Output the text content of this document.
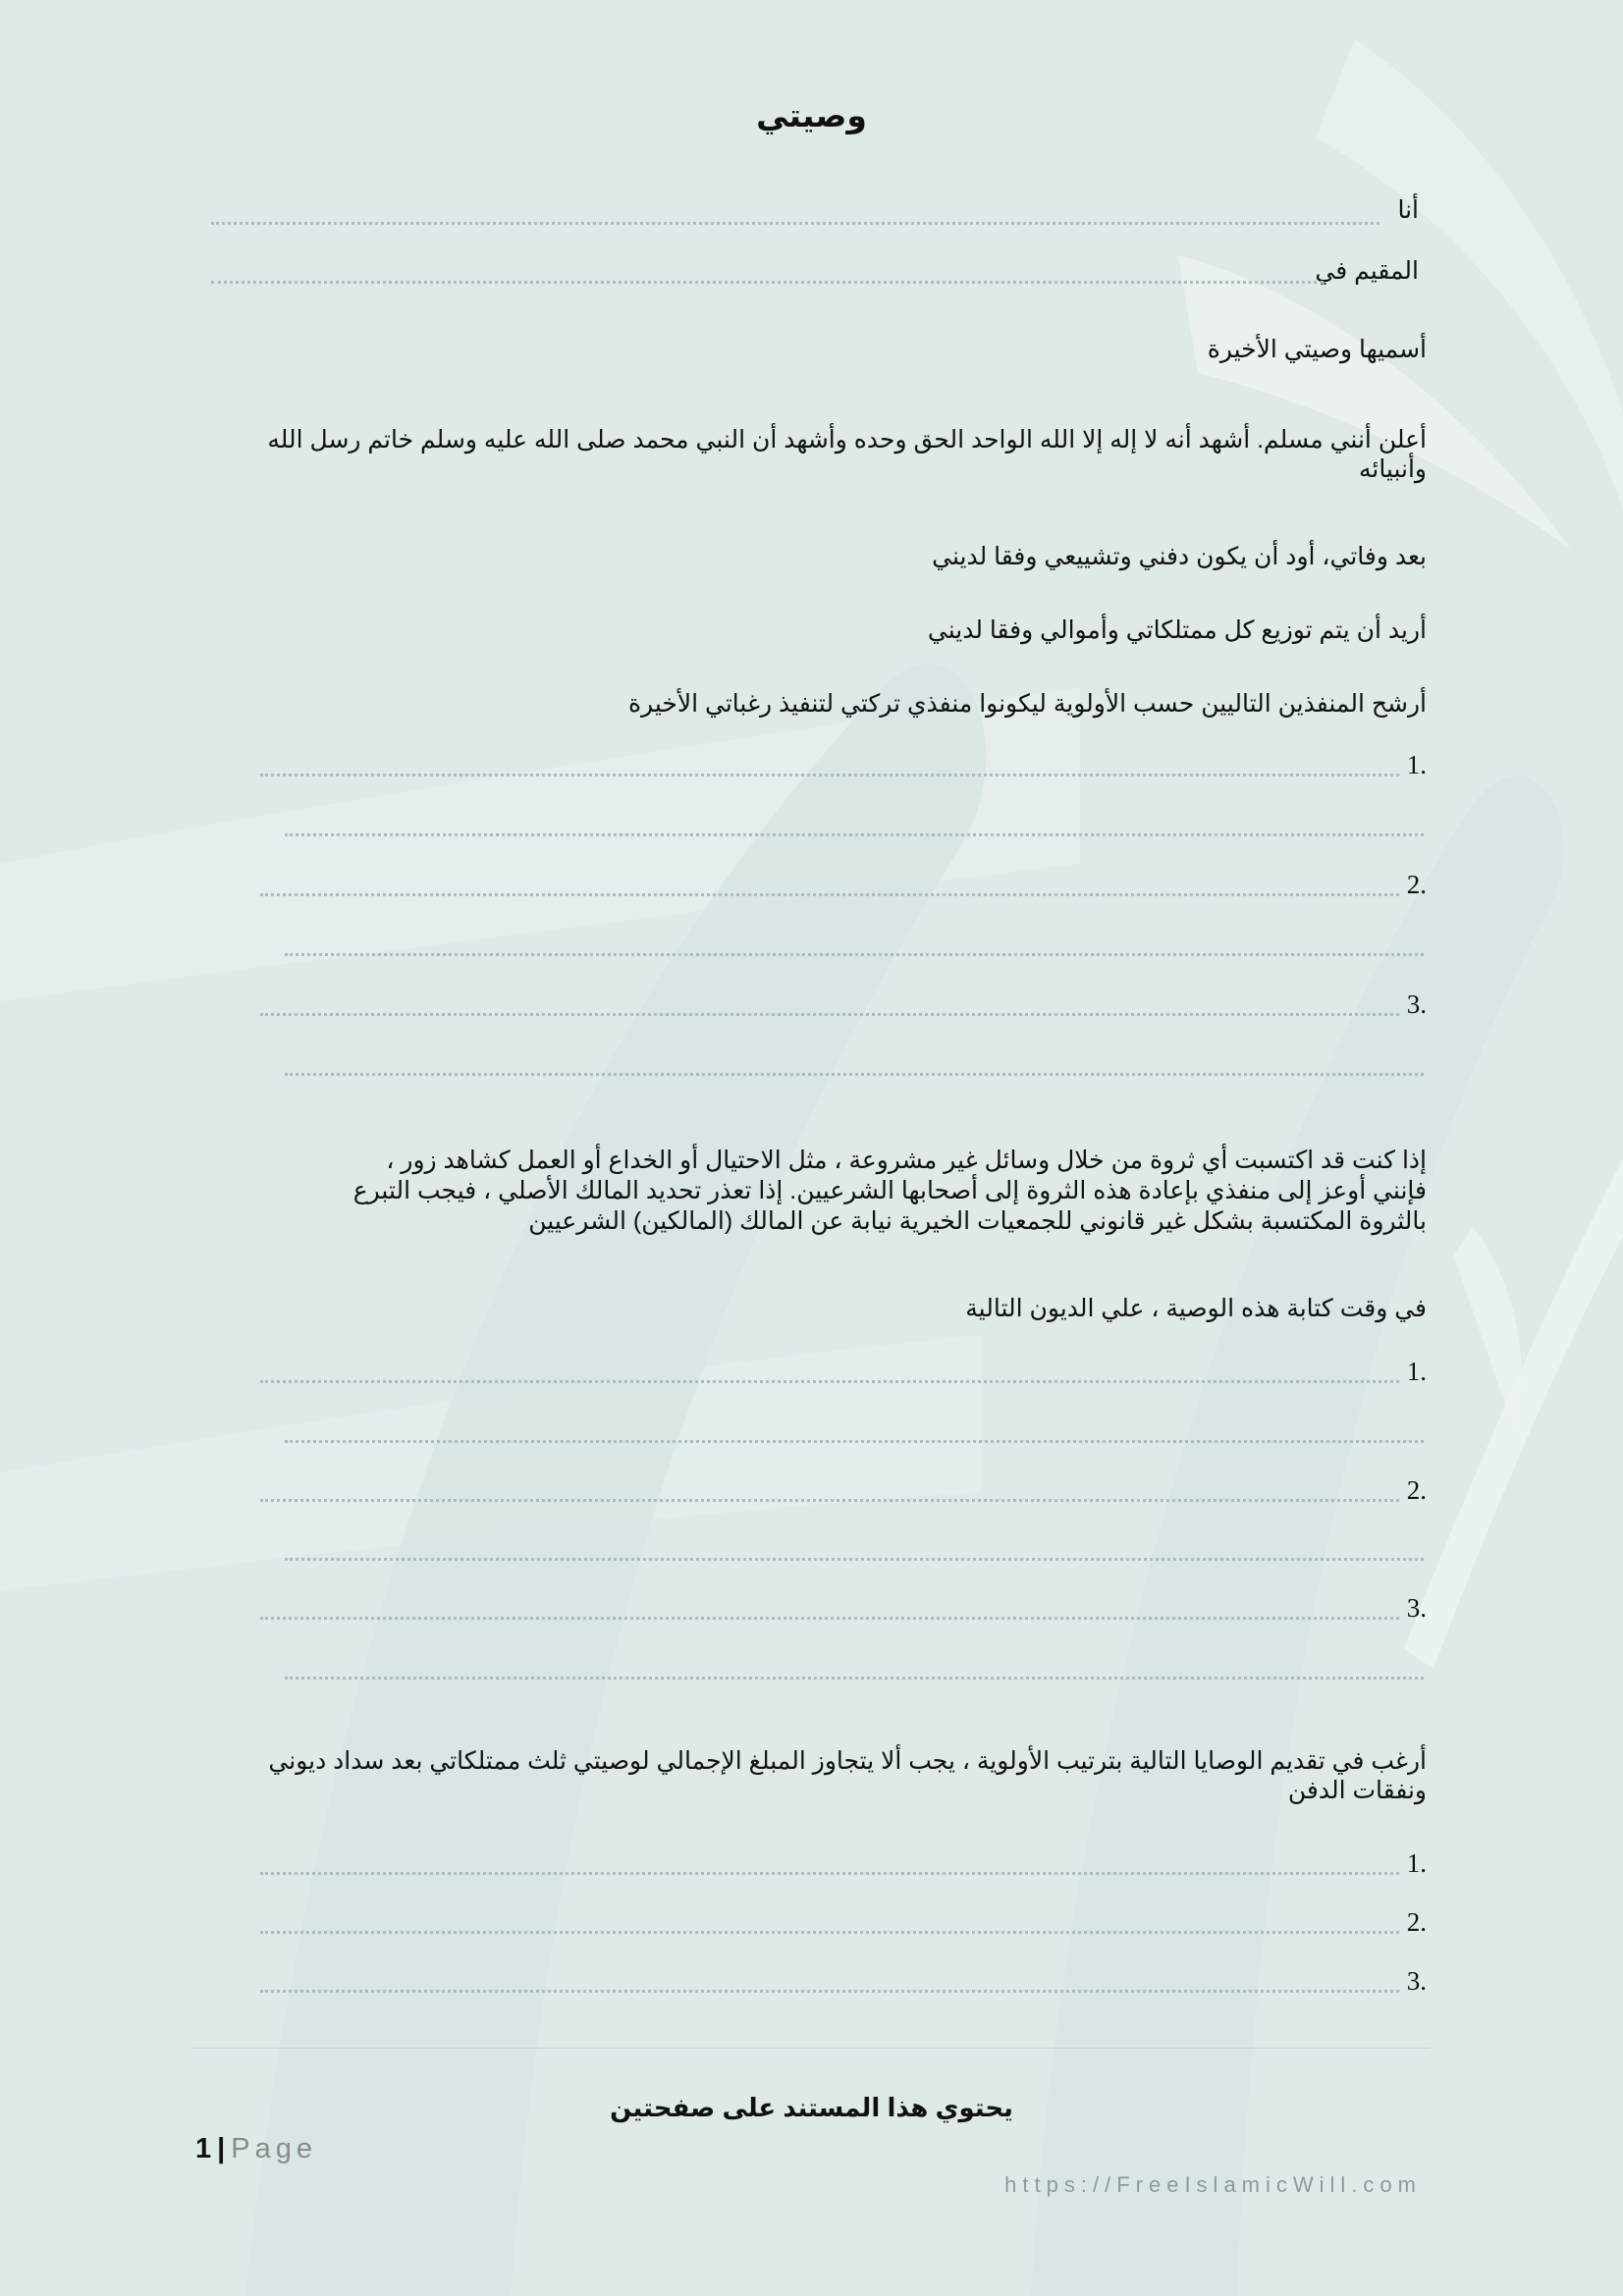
وصيتي
أنا
المقيم في
أسميها وصيتي الأخيرة
أعلن أنني مسلم. أشهد أنه لا إله إلا الله الواحد الحق وحده وأشهد أن النبي محمد صلى الله عليه وسلم خاتم رسل الله وأنبيائه
بعد وفاتي، أود أن يكون دفني وتشييعي وفقا لديني
أريد أن يتم توزيع كل ممتلكاتي وأموالي وفقا لديني
أرشح المنفذين التاليين حسب الأولوية ليكونوا منفذي تركتي لتنفيذ رغباتي الأخيرة
1.
2.
3.
إذا كنت قد اكتسبت أي ثروة من خلال وسائل غير مشروعة ، مثل الاحتيال أو الخداع أو العمل كشاهد زور ،
فإنني أوعز إلى منفذي بإعادة هذه الثروة إلى أصحابها الشرعيين. إذا تعذر تحديد المالك الأصلي ، فيجب التبرع
بالثروة المكتسبة بشكل غير قانوني للجمعيات الخيرية نيابة عن المالك (المالكين) الشرعيين
في وقت كتابة هذه الوصية ، علي الديون التالية
1.
2.
3.
أرغب في تقديم الوصايا التالية بترتيب الأولوية ، يجب ألا يتجاوز المبلغ الإجمالي لوصيتي ثلث ممتلكاتي بعد سداد ديوني ونفقات الدفن
1.
2.
3.
يحتوي هذا المستند على صفحتين
1 | Page
https://FreeIslamicWill.com
